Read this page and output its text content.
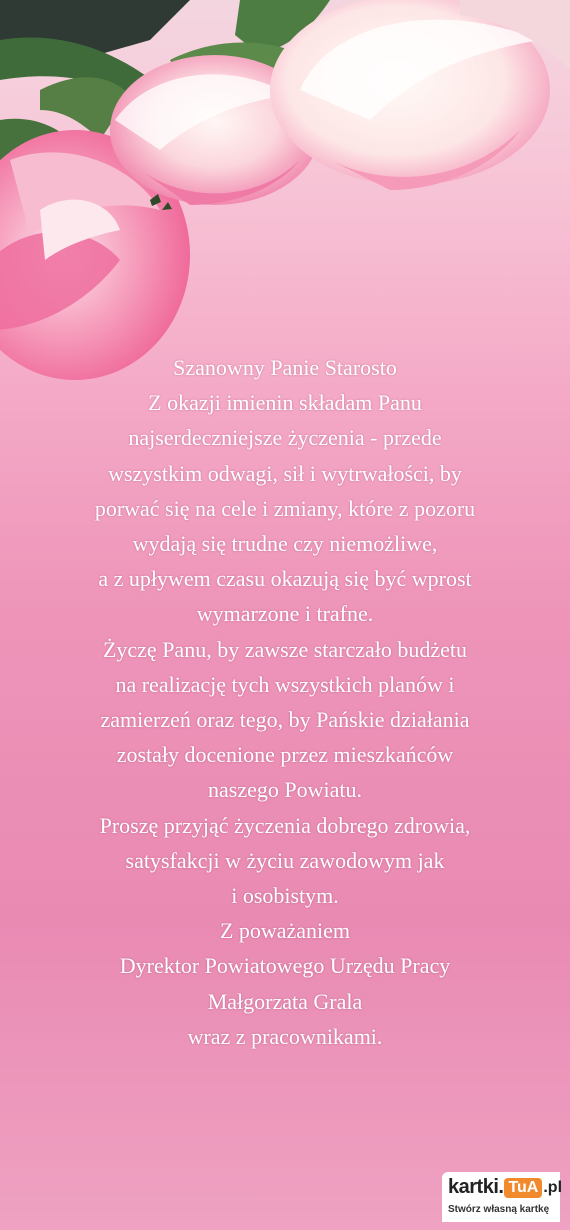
Szanowny Panie Starosto
Z okazji imienin składam Panu
najserdeczniejsze życzenia - przede
wszystkim odwagi, sił i wytrwałości, by
porwać się na cele i zmiany, które z pozoru
wydają się trudne czy niemożliwe,
a z upływem czasu okazują się być wprost
wymarzone i trafne.
Życzę Panu, by zawsze starczało budżetu
na realizację tych wszystkich planów i
zamierzeń oraz tego, by Pańskie działania
zostały docenione przez mieszkańców
naszego Powiatu.
Proszę przyjąć życzenia dobrego zdrowia,
satysfakcji w życiu zawodowym jak
i osobistym.
Z poważaniem
Dyrektor Powiatowego Urzędu Pracy
Małgorzata Grala
wraz z pracownikami.
kartki. TuA .pl
Stwórz własną kartkę
